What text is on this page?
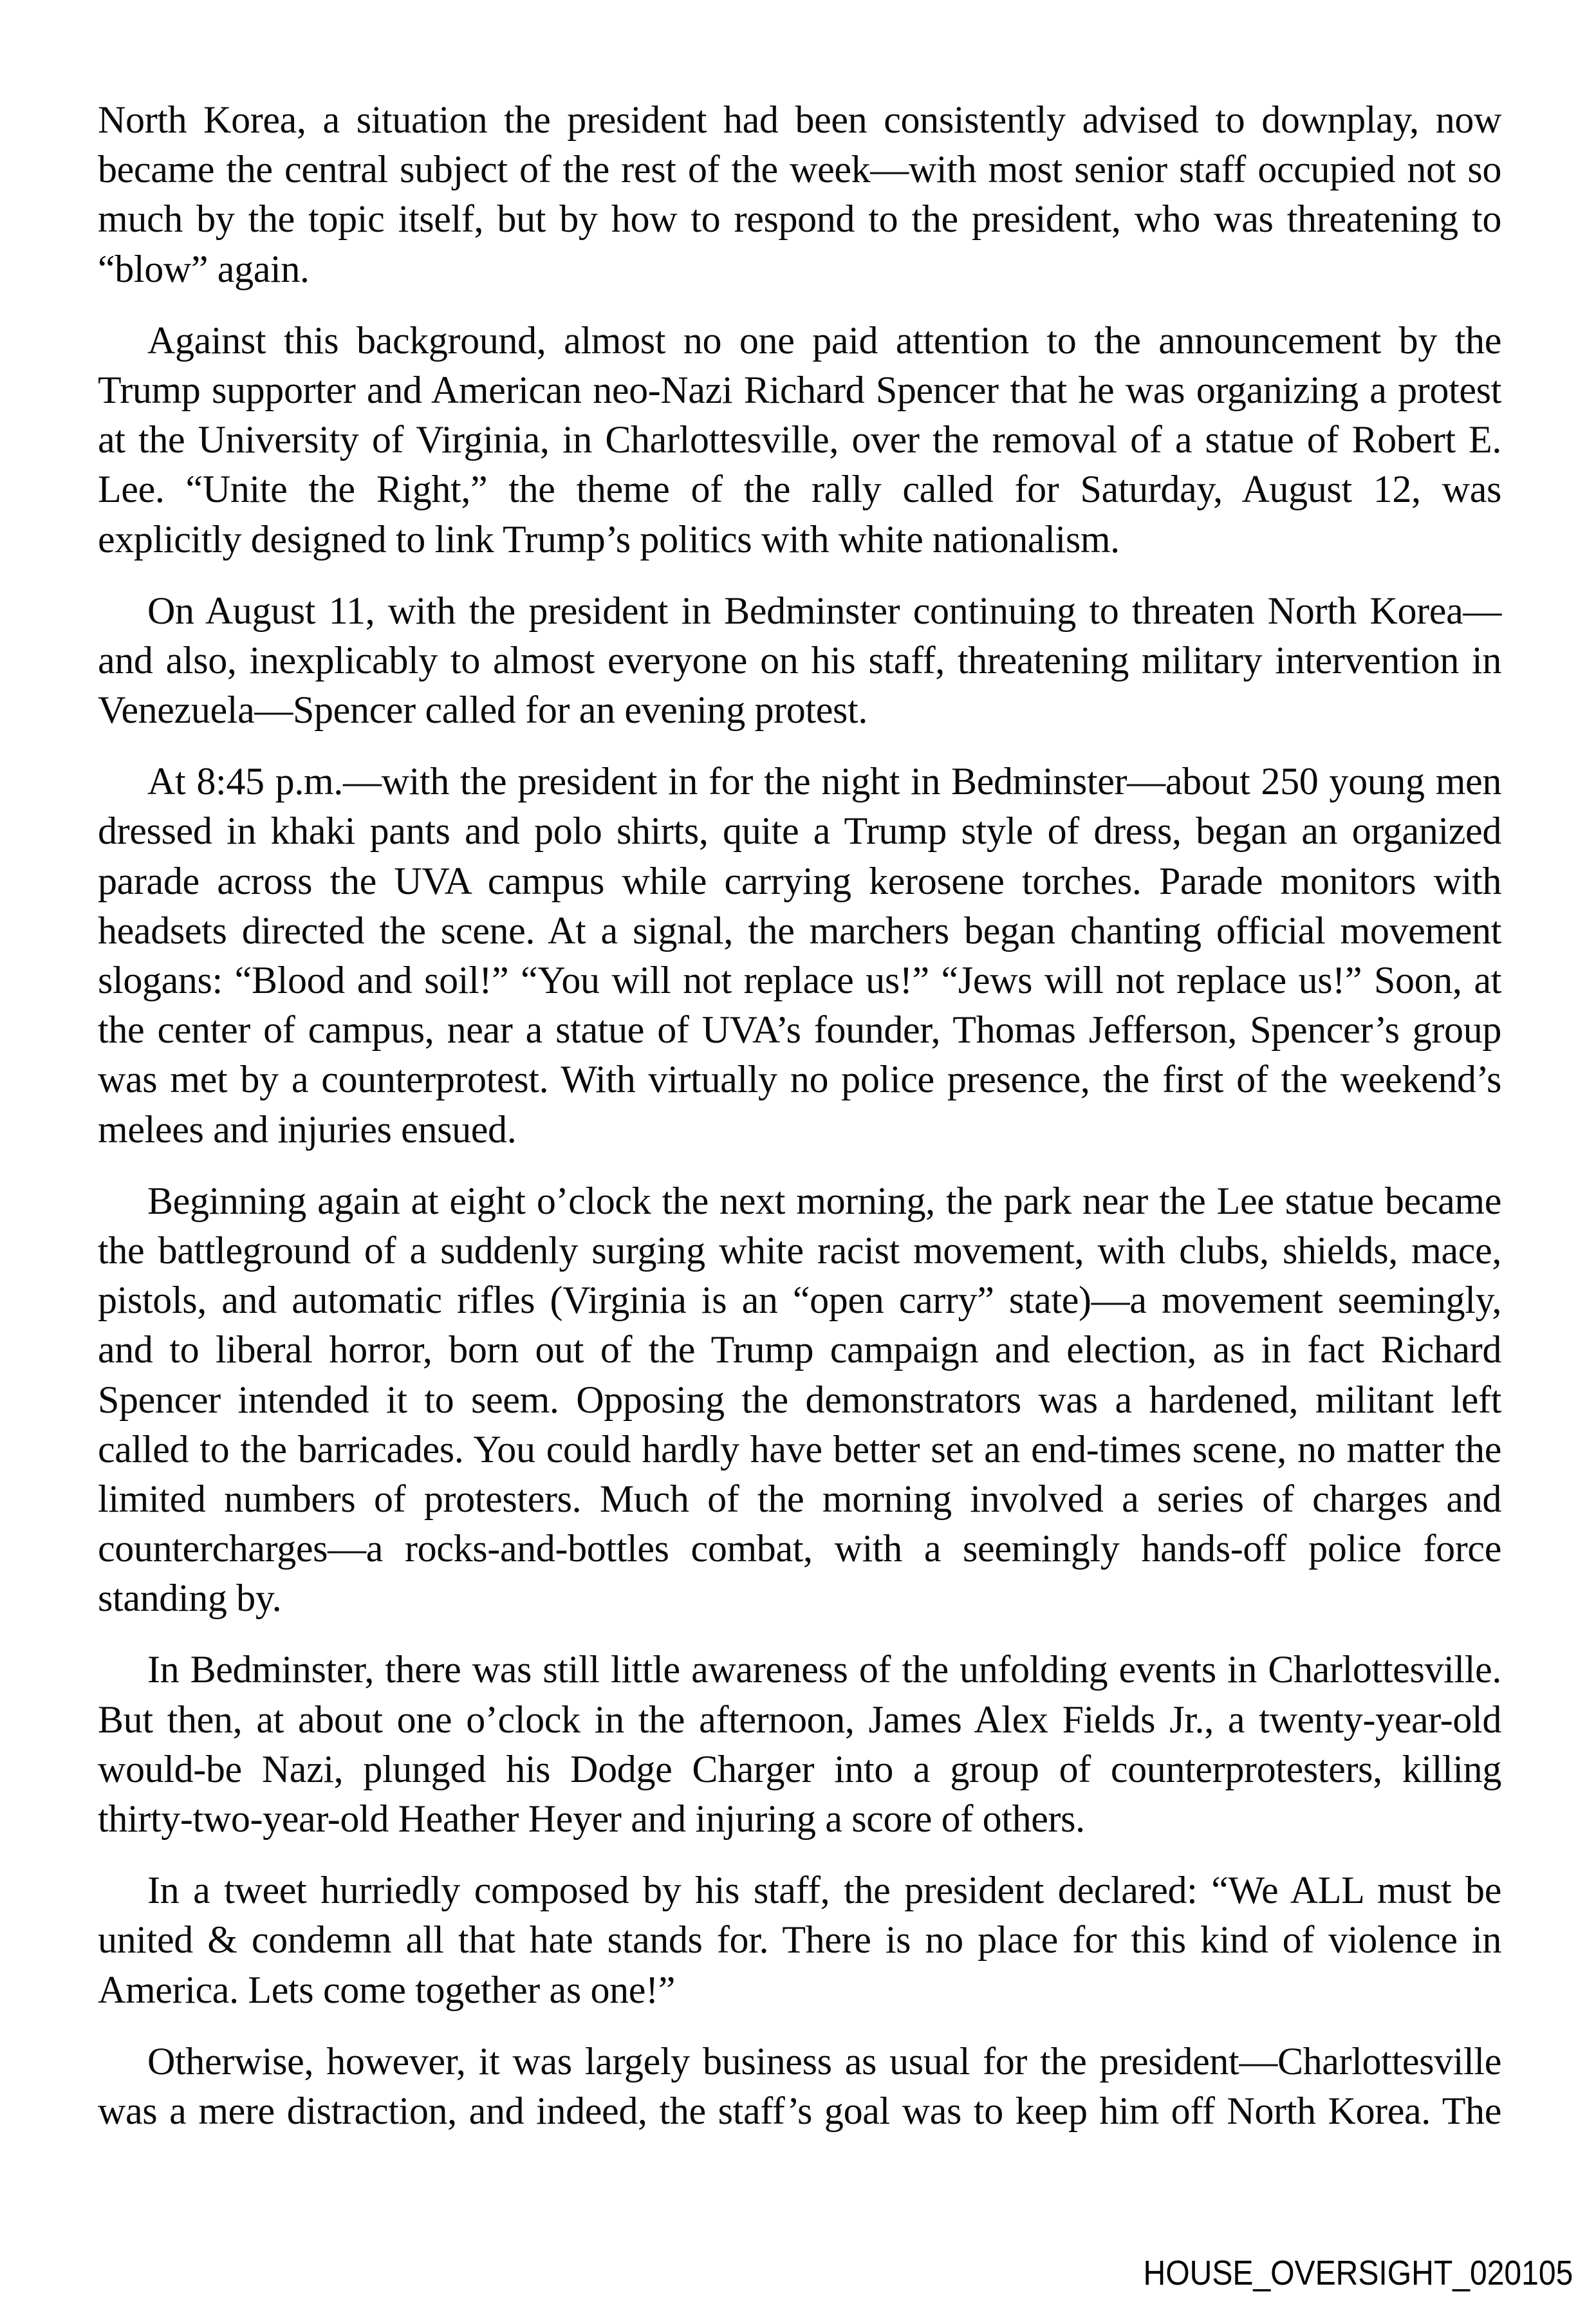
North Korea, a situation the president had been consistently advised to downplay, now
became the central subject of the rest of the week—with most senior staff occupied not so
much by the topic itself, but by how to respond to the president, who was threatening to
“blow” again.
Against this background, almost no one paid attention to the announcement by the
Trump supporter and American neo-Nazi Richard Spencer that he was organizing a protest
at the University of Virginia, in Charlottesville, over the removal of a statue of Robert E.
Lee. “Unite the Right,” the theme of the rally called for Saturday, August 12, was
explicitly designed to link Trump’s politics with white nationalism.
On August 11, with the president in Bedminster continuing to threaten North Korea—
and also, inexplicably to almost everyone on his staff, threatening military intervention in
Venezuela—Spencer called for an evening protest.
At 8:45 p.m.—with the president in for the night in Bedminster—about 250 young men
dressed in khaki pants and polo shirts, quite a Trump style of dress, began an organized
parade across the UVA campus while carrying kerosene torches. Parade monitors with
headsets directed the scene. At a signal, the marchers began chanting official movement
slogans: “Blood and soil!” “You will not replace us!” “Jews will not replace us!” Soon, at
the center of campus, near a statue of UVA’s founder, Thomas Jefferson, Spencer’s group
was met by a counterprotest. With virtually no police presence, the first of the weekend’s
melees and injuries ensued.
Beginning again at eight o’clock the next morning, the park near the Lee statue became
the battleground of a suddenly surging white racist movement, with clubs, shields, mace,
pistols, and automatic rifles (Virginia is an “open carry” state)—a movement seemingly,
and to liberal horror, born out of the Trump campaign and election, as in fact Richard
Spencer intended it to seem. Opposing the demonstrators was a hardened, militant left
called to the barricades. You could hardly have better set an end-times scene, no matter the
limited numbers of protesters. Much of the morning involved a series of charges and
countercharges—a rocks-and-bottles combat, with a seemingly hands-off police force
standing by.
In Bedminster, there was still little awareness of the unfolding events in Charlottesville.
But then, at about one o’clock in the afternoon, James Alex Fields Jr., a twenty-year-old
would-be Nazi, plunged his Dodge Charger into a group of counterprotesters, killing
thirty-two-year-old Heather Heyer and injuring a score of others.
In a tweet hurriedly composed by his staff, the president declared: “We ALL must be
united & condemn all that hate stands for. There is no place for this kind of violence in
America. Lets come together as one!”
Otherwise, however, it was largely business as usual for the president—Charlottesville
was a mere distraction, and indeed, the staff’s goal was to keep him off North Korea. The
HOUSE_OVERSIGHT_020105
